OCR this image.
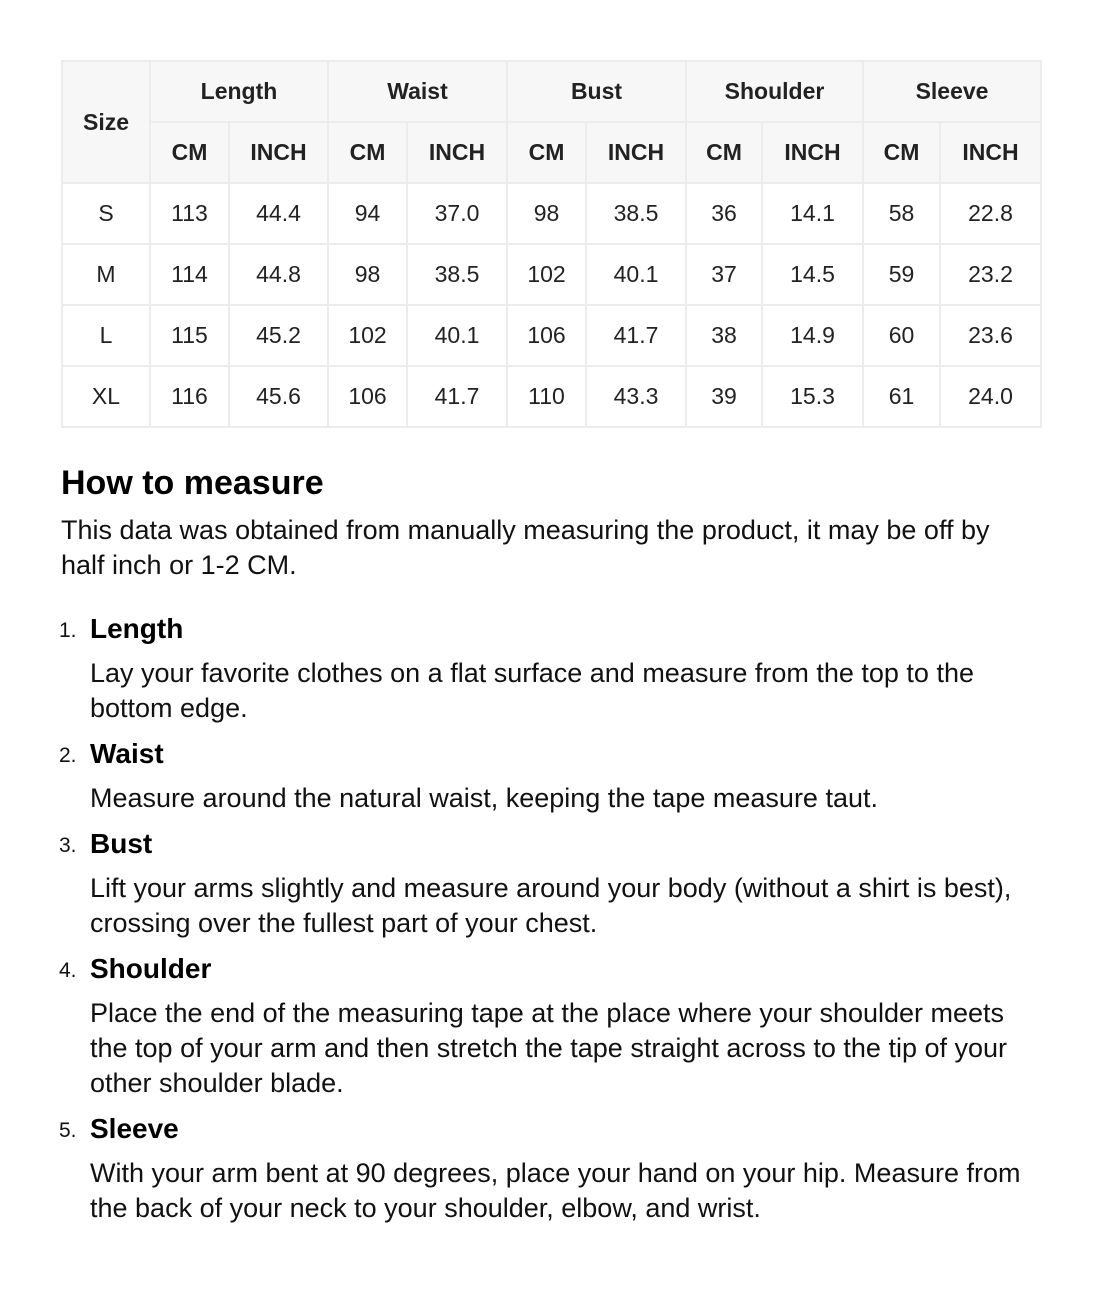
Size	Length		Waist		Bust		Shoulder		Sleeve	
	CM	INCH	CM	INCH	CM	INCH	CM	INCH	CM	INCH
S	113	44.4	94	37.0	98	38.5	36	14.1	58	22.8
M	114	44.8	98	38.5	102	40.1	37	14.5	59	23.2
L	115	45.2	102	40.1	106	41.7	38	14.9	60	23.6
XL	116	45.6	106	41.7	110	43.3	39	15.3	61	24.0
How to measure

This data was obtained from manually measuring the product, it may be off by half inch or 1-2 CM.

1. Length

Lay your favorite clothes on a flat surface and measure from the top to the bottom edge.

2. Waist

Measure around the natural waist, keeping the tape measure taut.

3. Bust

Lift your arms slightly and measure around your body (without a shirt is best), crossing over the fullest part of your chest.

4. Shoulder

Place the end of the measuring tape at the place where your shoulder meets the top of your arm and then stretch the tape straight across to the tip of your other shoulder blade.

5. Sleeve

With your arm bent at 90 degrees, place your hand on your hip. Measure from the back of your neck to your shoulder, elbow, and wrist.
